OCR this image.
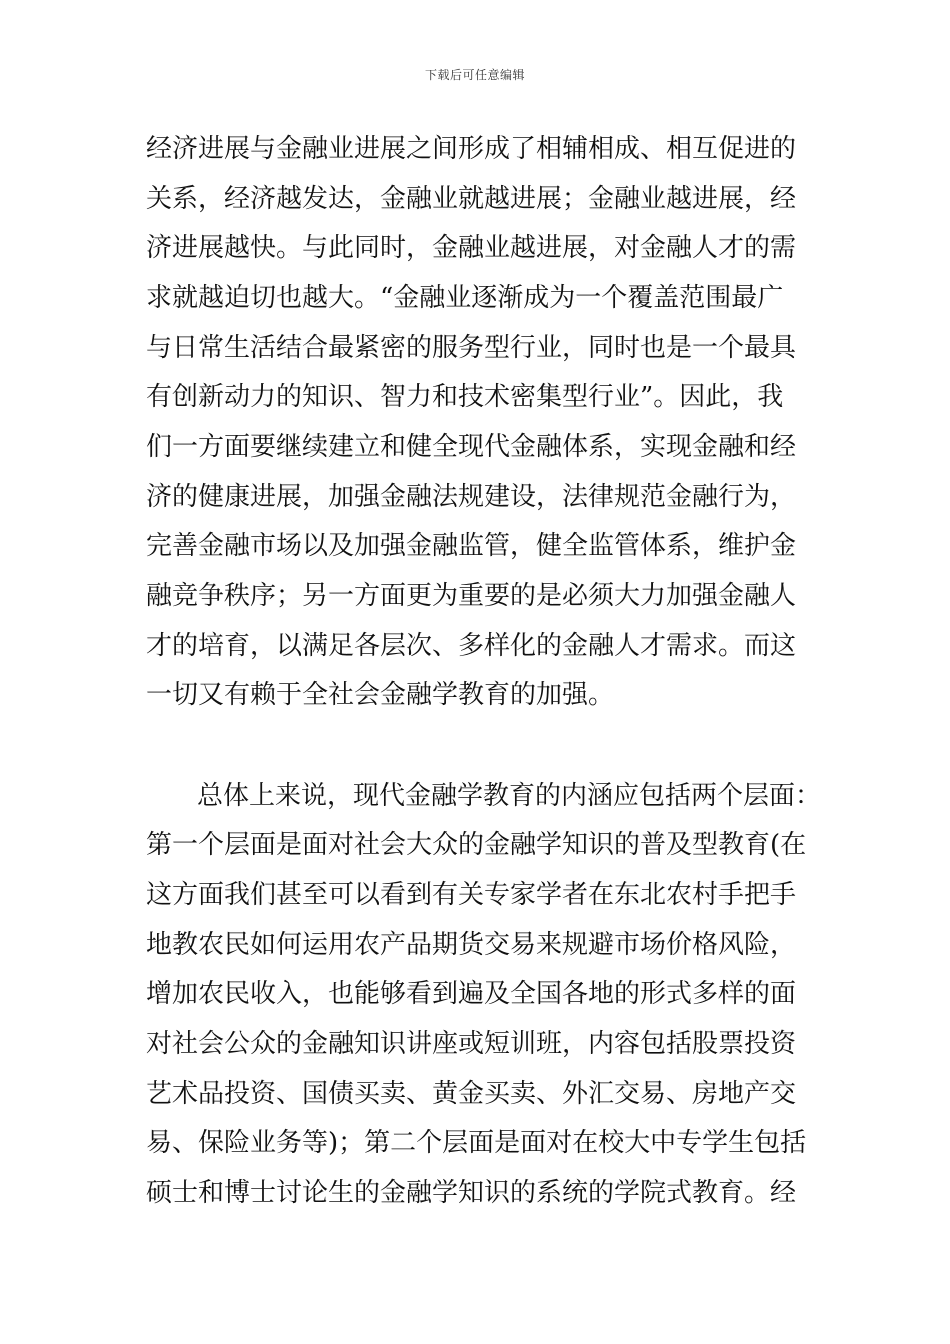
下载后可任意编辑
经济进展与金融业进展之间形成了相辅相成、相互促进的
关系，经济越发达，金融业就越进展；金融业越进展，经
济进展越快。与此同时，金融业越进展，对金融人才的需
求就越迫切也越大。“金融业逐渐成为一个覆盖范围最广
与日常生活结合最紧密的服务型行业，同时也是一个最具
有创新动力的知识、智力和技术密集型行业”。因此，我
们一方面要继续建立和健全现代金融体系，实现金融和经
济的健康进展，加强金融法规建设，法律规范金融行为，
完善金融市场以及加强金融监管，健全监管体系，维护金
融竞争秩序；另一方面更为重要的是必须大力加强金融人
才的培育，以满足各层次、多样化的金融人才需求。而这
一切又有赖于全社会金融学教育的加强。
总体上来说，现代金融学教育的内涵应包括两个层面：
第一个层面是面对社会大众的金融学知识的普及型教育(在
这方面我们甚至可以看到有关专家学者在东北农村手把手
地教农民如何运用农产品期货交易来规避市场价格风险，
增加农民收入，也能够看到遍及全国各地的形式多样的面
对社会公众的金融知识讲座或短训班，内容包括股票投资
艺术品投资、国债买卖、黄金买卖、外汇交易、房地产交
易、保险业务等)；第二个层面是面对在校大中专学生包括
硕士和博士讨论生的金融学知识的系统的学院式教育。经
